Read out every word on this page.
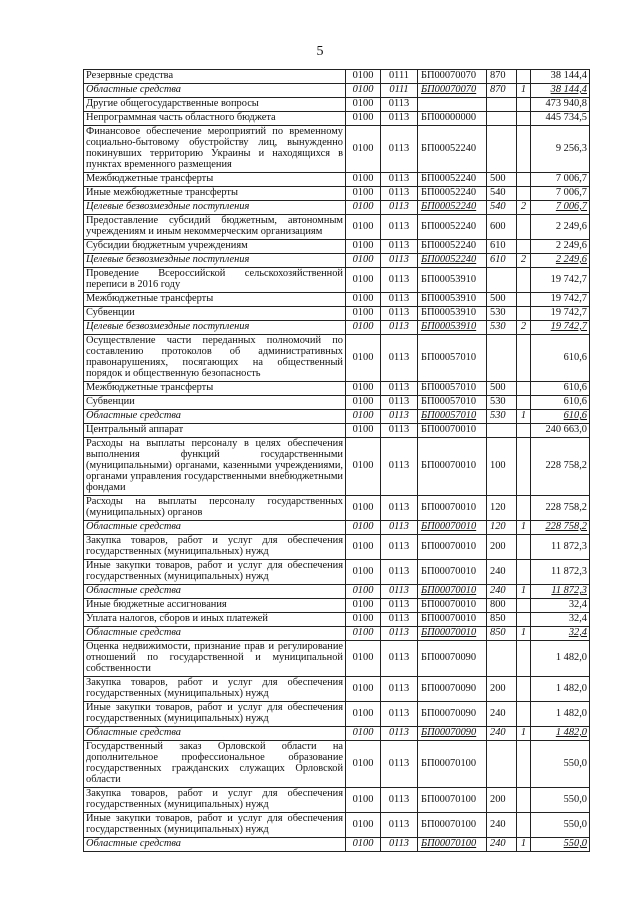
5
Резервные средства	0100	0111	БП00070070	870		38 144,4
Областные средства	0100	0111	БП00070070	870	1	38 144,4
Другие общегосударственные вопросы	0100	0113				473 940,8
Непрограммная часть областного бюджета	0100	0113	БП00000000			445 734,5
Финансовое обеспечение мероприятий по временному социально-бытовому обустройству лиц, вынужденно покинувших территорию Украины и находящихся в пунктах временного размещения	0100	0113	БП00052240			9 256,3
Межбюджетные трансферты	0100	0113	БП00052240	500		7 006,7
Иные межбюджетные трансферты	0100	0113	БП00052240	540		7 006,7
Целевые безвозмездные поступления	0100	0113	БП00052240	540	2	7 006,7
Предоставление субсидий бюджетным, автономным учреждениям и иным некоммерческим организациям	0100	0113	БП00052240	600		2 249,6
Субсидии бюджетным учреждениям	0100	0113	БП00052240	610		2 249,6
Целевые безвозмездные поступления	0100	0113	БП00052240	610	2	2 249,6
Проведение Всероссийской сельскохозяйственной переписи в 2016 году	0100	0113	БП00053910			19 742,7
Межбюджетные трансферты	0100	0113	БП00053910	500		19 742,7
Субвенции	0100	0113	БП00053910	530		19 742,7
Целевые безвозмездные поступления	0100	0113	БП00053910	530	2	19 742,7
Осуществление части переданных полномочий по составлению протоколов об административных правонарушениях, посягающих на общественный порядок и общественную безопасность	0100	0113	БП00057010			610,6
Межбюджетные трансферты	0100	0113	БП00057010	500		610,6
Субвенции	0100	0113	БП00057010	530		610,6
Областные средства	0100	0113	БП00057010	530	1	610,6
Центральный аппарат	0100	0113	БП00070010			240 663,0
Расходы на выплаты персоналу в целях обеспечения выполнения функций государственными (муниципальными) органами, казенными учреждениями, органами управления государственными внебюджетными фондами	0100	0113	БП00070010	100		228 758,2
Расходы на выплаты персоналу государственных (муниципальных) органов	0100	0113	БП00070010	120		228 758,2
Областные средства	0100	0113	БП00070010	120	1	228 758,2
Закупка товаров, работ и услуг для обеспечения государственных (муниципальных) нужд	0100	0113	БП00070010	200		11 872,3
Иные закупки товаров, работ и услуг для обеспечения государственных (муниципальных) нужд	0100	0113	БП00070010	240		11 872,3
Областные средства	0100	0113	БП00070010	240	1	11 872,3
Иные бюджетные ассигнования	0100	0113	БП00070010	800		32,4
Уплата налогов, сборов и иных платежей	0100	0113	БП00070010	850		32,4
Областные средства	0100	0113	БП00070010	850	1	32,4
Оценка недвижимости, признание прав и регулирование отношений по государственной и муниципальной собственности	0100	0113	БП00070090			1 482,0
Закупка товаров, работ и услуг для обеспечения государственных (муниципальных) нужд	0100	0113	БП00070090	200		1 482,0
Иные закупки товаров, работ и услуг для обеспечения государственных (муниципальных) нужд	0100	0113	БП00070090	240		1 482,0
Областные средства	0100	0113	БП00070090	240	1	1 482,0
Государственный заказ Орловской области на дополнительное профессиональное образование государственных гражданских служащих Орловской области	0100	0113	БП00070100			550,0
Закупка товаров, работ и услуг для обеспечения государственных (муниципальных) нужд	0100	0113	БП00070100	200		550,0
Иные закупки товаров, работ и услуг для обеспечения государственных (муниципальных) нужд	0100	0113	БП00070100	240		550,0
Областные средства	0100	0113	БП00070100	240	1	550,0
